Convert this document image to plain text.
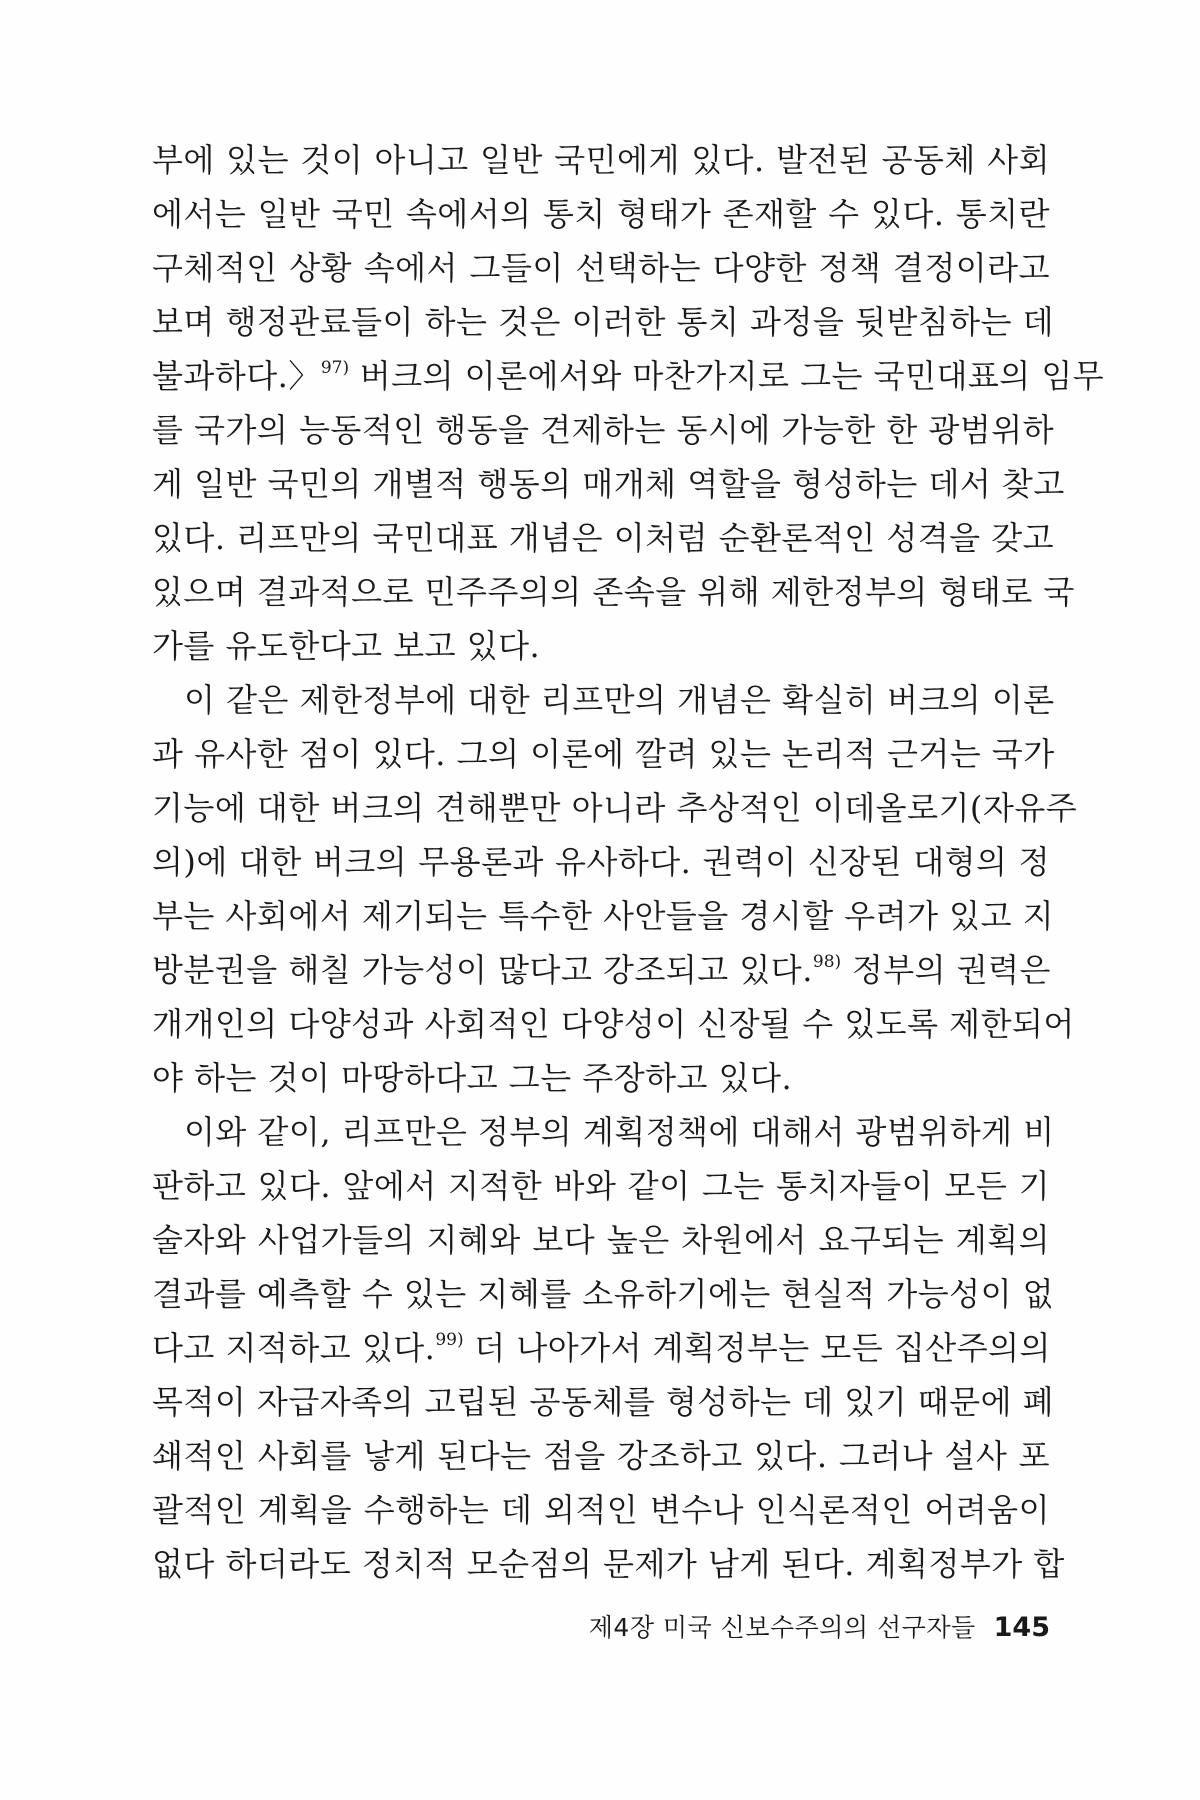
부에 있는 것이 아니고 일반 국민에게 있다. 발전된 공동체 사회
에서는 일반 국민 속에서의 통치 형태가 존재할 수 있다. 통치란
구체적인 상황 속에서 그들이 선택하는 다양한 정책 결정이라고
보며 행정관료들이 하는 것은 이러한 통치 과정을 뒷받침하는 데
불과하다.〉$^{97)}$ 버크의 이론에서와 마찬가지로 그는 국민대표의 임무
를 국가의 능동적인 행동을 견제하는 동시에 가능한 한 광범위하
게 일반 국민의 개별적 행동의 매개체 역할을 형성하는 데서 찾고
있다. 리프만의 국민대표 개념은 이처럼 순환론적인 성격을 갖고
있으며 결과적으로 민주주의의 존속을 위해 제한정부의 형태로 국
가를 유도한다고 보고 있다.

이 같은 제한정부에 대한 리프만의 개념은 확실히 버크의 이론
과 유사한 점이 있다. 그의 이론에 깔려 있는 논리적 근거는 국가
기능에 대한 버크의 견해뿐만 아니라 추상적인 이데올로기(자유주
의)에 대한 버크의 무용론과 유사하다. 권력이 신장된 대형의 정
부는 사회에서 제기되는 특수한 사안들을 경시할 우려가 있고 지
방분권을 해칠 가능성이 많다고 강조되고 있다.$^{98)}$ 정부의 권력은
개개인의 다양성과 사회적인 다양성이 신장될 수 있도록 제한되어
야 하는 것이 마땅하다고 그는 주장하고 있다.

이와 같이, 리프만은 정부의 계획정책에 대해서 광범위하게 비
판하고 있다. 앞에서 지적한 바와 같이 그는 통치자들이 모든 기
술자와 사업가들의 지혜와 보다 높은 차원에서 요구되는 계획의
결과를 예측할 수 있는 지혜를 소유하기에는 현실적 가능성이 없
다고 지적하고 있다.$^{99)}$ 더 나아가서 계획정부는 모든 집산주의의
목적이 자급자족의 고립된 공동체를 형성하는 데 있기 때문에 폐
쇄적인 사회를 낳게 된다는 점을 강조하고 있다. 그러나 설사 포
괄적인 계획을 수행하는 데 외적인 변수나 인식론적인 어려움이
없다 하더라도 정치적 모순점의 문제가 남게 된다. 계획정부가 합

제4장 미국 신보수주의의 선구자들 145
